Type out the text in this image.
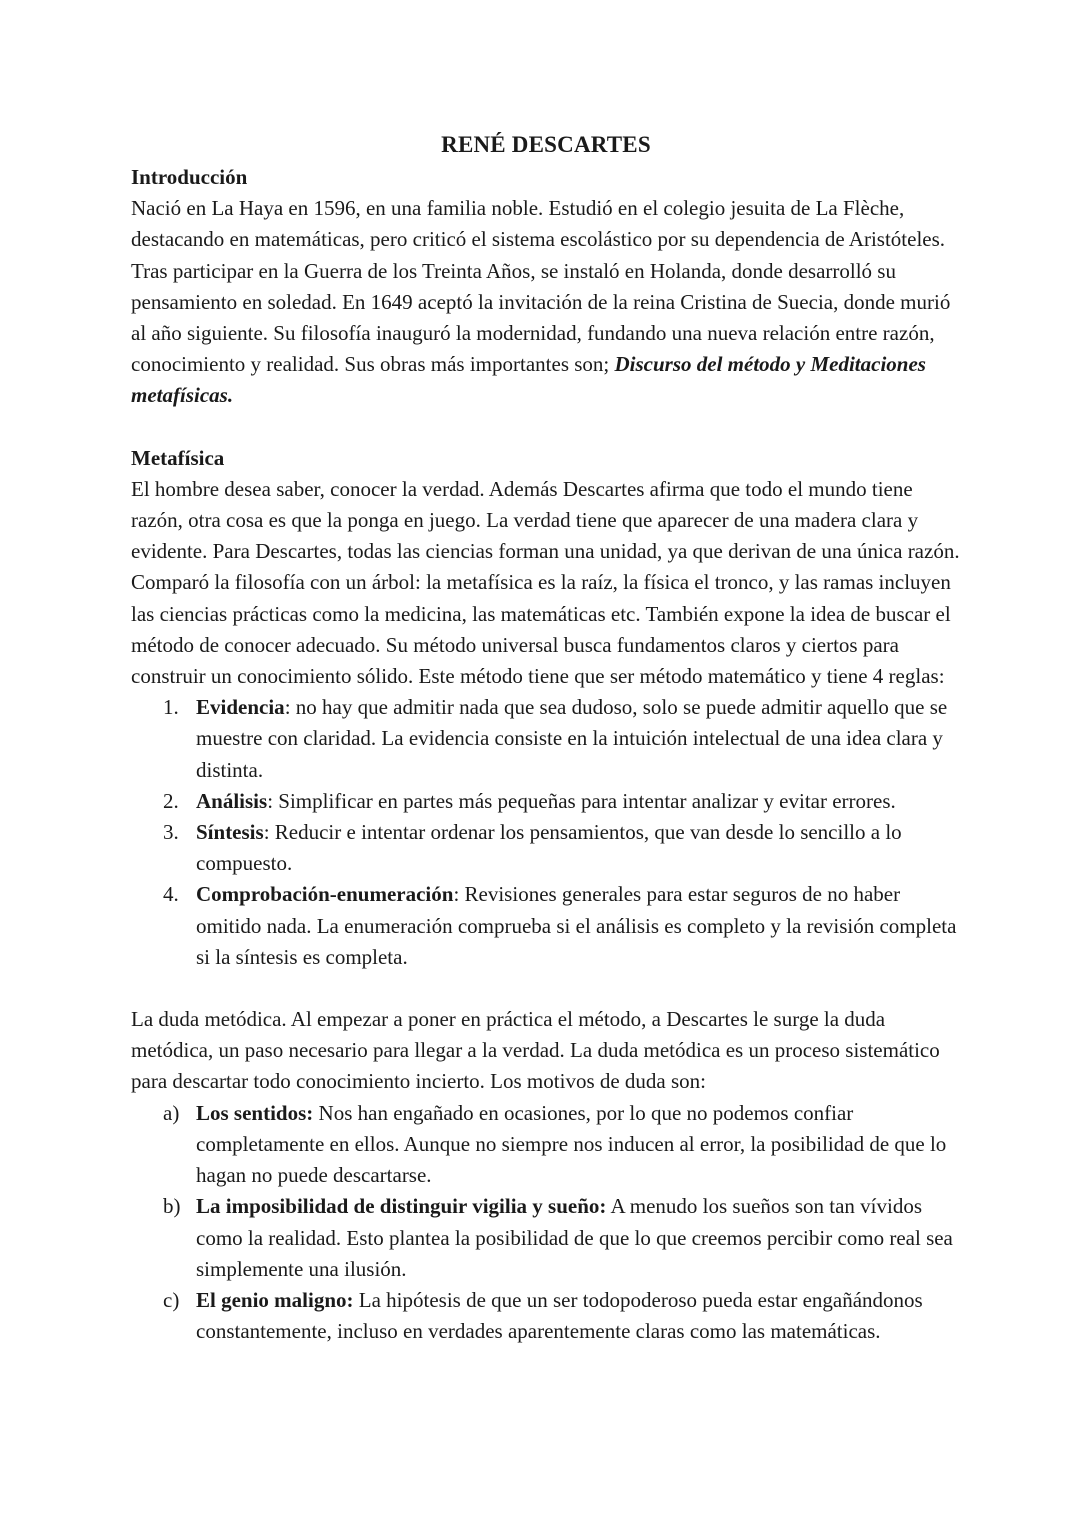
RENÉ DESCARTES

Introducción

Nació en La Haya en 1596, en una familia noble. Estudió en el colegio jesuita de La Flèche, destacando en matemáticas, pero criticó el sistema escolástico por su dependencia de Aristóteles. Tras participar en la Guerra de los Treinta Años, se instaló en Holanda, donde desarrolló su pensamiento en soledad. En 1649 aceptó la invitación de la reina Cristina de Suecia, donde murió al año siguiente. Su filosofía inauguró la modernidad, fundando una nueva relación entre razón, conocimiento y realidad. Sus obras más importantes son; Discurso del método y Meditaciones metafísicas.

Metafísica

El hombre desea saber, conocer la verdad. Además Descartes afirma que todo el mundo tiene razón, otra cosa es que la ponga en juego. La verdad tiene que aparecer de una madera clara y evidente. Para Descartes, todas las ciencias forman una unidad, ya que derivan de una única razón. Comparó la filosofía con un árbol: la metafísica es la raíz, la física el tronco, y las ramas incluyen las ciencias prácticas como la medicina, las matemáticas etc. También expone la idea de buscar el método de conocer adecuado. Su método universal busca fundamentos claros y ciertos para construir un conocimiento sólido. Este método tiene que ser método matemático y tiene 4 reglas:

1. Evidencia: no hay que admitir nada que sea dudoso, solo se puede admitir aquello que se muestre con claridad. La evidencia consiste en la intuición intelectual de una idea clara y distinta.
2. Análisis: Simplificar en partes más pequeñas para intentar analizar y evitar errores.
3. Síntesis: Reducir e intentar ordenar los pensamientos, que van desde lo sencillo a lo compuesto.
4. Comprobación-enumeración: Revisiones generales para estar seguros de no haber omitido nada. La enumeración comprueba si el análisis es completo y la revisión completa si la síntesis es completa.

La duda metódica. Al empezar a poner en práctica el método, a Descartes le surge la duda metódica, un paso necesario para llegar a la verdad. La duda metódica es un proceso sistemático para descartar todo conocimiento incierto. Los motivos de duda son:

a) Los sentidos: Nos han engañado en ocasiones, por lo que no podemos confiar completamente en ellos. Aunque no siempre nos inducen al error, la posibilidad de que lo hagan no puede descartarse.
b) La imposibilidad de distinguir vigilia y sueño: A menudo los sueños son tan vívidos como la realidad. Esto plantea la posibilidad de que lo que creemos percibir como real sea simplemente una ilusión.
c) El genio maligno: La hipótesis de que un ser todopoderoso pueda estar engañándonos constantemente, incluso en verdades aparentemente claras como las matemáticas.
